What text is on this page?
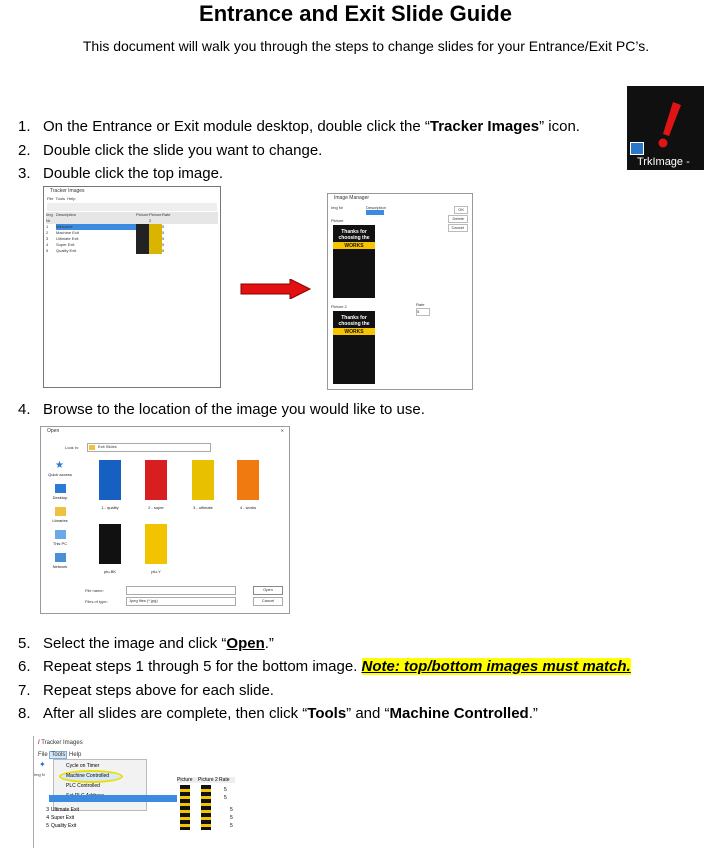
Entrance and Exit Slide Guide
This document will walk you through the steps to change slides for your Entrance/Exit PC’s.
1. On the Entrance or Exit module desktop, double click the “Tracker Images” icon.
2. Double click the slide you want to change.
3. Double click the top image.
TrkImage -
Tracker Images
File Tools Help
Img Nr
Description	Picture Picture 2
Rate
1	Welcome	5
2	Machine Exit	5
3	Ultimate Exit	5
4	Super Exit	5
5	Quality Exit	5
Image Manager
Img Nr	Description
Picture
OK
Delete
Cancel
Thanks for choosing the
WORKS
Picture 2	Rate
5
Thanks for choosing the
WORKS
4. Browse to the location of the image you would like to use.
Open	✕
Look in:	Exit Slides
Quick access
Desktop
Libraries
This PC
Network
★
1 - quality	2 - super	3 - ultimate	4 - works
ptu-BK	ptu-Y
File name:
Files of type:	Jpeg files (*.jpg)
Open
Cancel
5. Select the image and click “Open.”
6. Repeat steps 1 through 5 for the bottom image. Note: top/bottom images must match.
7. Repeat steps above for each slide.
8. After all slides are complete, then click “Tools” and “Machine Controlled.”
/ Tracker Images
File Tools Help
✦
Img N
Cycle on Timer
Machine Controlled
PLC Controlled
Picture	Picture 2 Rate
5
5
3 Ultimate Exit	5
4 Super Exit	5
5 Quality Exit	5
